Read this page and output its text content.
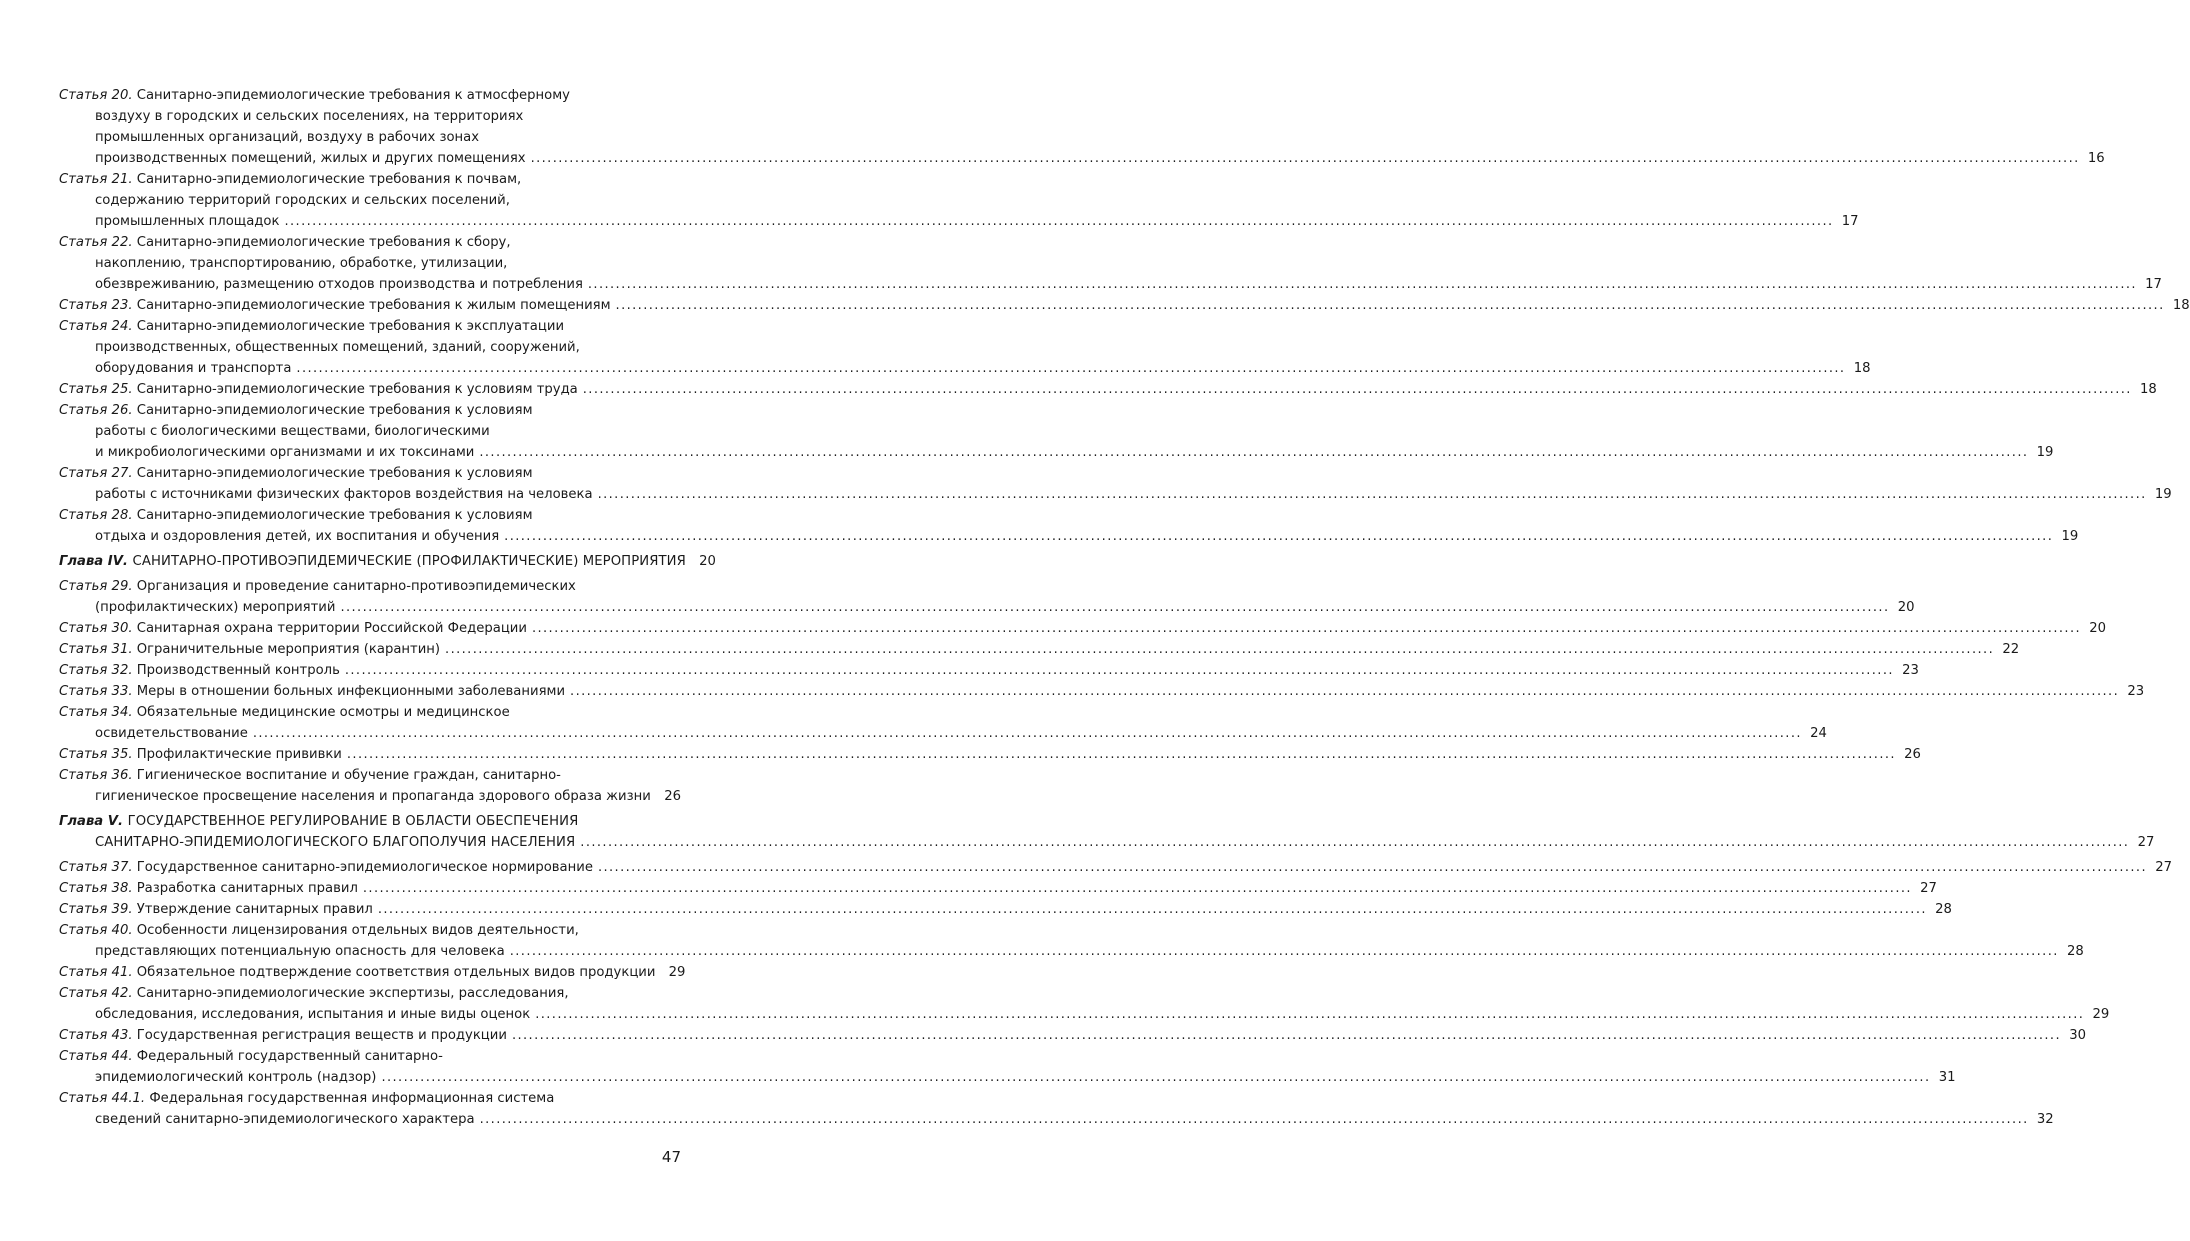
Статья 20 . Санитарно-эпидемиологические требования к атмосферному
воздуху в городских и сельских поселениях, на территориях
промышленных организаций, воздуху в рабочих зонах
производственных помещений, жилых и других помещениях .....	16
Статья 21 . Санитарно-эпидемиологические требования к почвам,
содержанию территорий городских и сельских поселений,
промышленных площадок .....	17
Статья 22 . Санитарно-эпидемиологические требования к сбору,
накоплению, транспортированию, обработке, утилизации,
обезвреживанию, размещению отходов производства и потребления .....	17
Статья 23 . Санитарно-эпидемиологические требования к жилым помещениям .....	18
Статья 24 . Санитарно-эпидемиологические требования к эксплуатации
производственных, общественных помещений, зданий, сооружений,
оборудования и транспорта .....	18
Статья 25 . Санитарно-эпидемиологические требования к условиям труда .....	18
Статья 26 . Санитарно-эпидемиологические требования к условиям
работы с биологическими веществами, биологическими
и микробиологическими организмами и их токсинами .....	19
Статья 27 . Санитарно-эпидемиологические требования к условиям
работы с источниками физических факторов воздействия на человека .....	19
Статья 28 . Санитарно-эпидемиологические требования к условиям
отдыха и оздоровления детей, их воспитания и обучения .....	19
Глава IV . САНИТАРНО-ПРОТИВОЭПИДЕМИЧЕСКИЕ (ПРОФИЛАКТИЧЕСКИЕ) МЕРОПРИЯТИЯ 20
Статья 29 . Организация и проведение санитарно-противоэпидемических
(профилактических) мероприятий .....	20
Статья 30 . Санитарная охрана территории Российской Федерации .....	20
Статья 31 . Ограничительные мероприятия (карантин) .....	22
Статья 32 . Производственный контроль .....	23
Статья 33 . Меры в отношении больных инфекционными заболеваниями .....	23
Статья 34 . Обязательные медицинские осмотры и медицинское
освидетельствование .....	24
Статья 35 . Профилактические прививки .....	26
Статья 36 . Гигиеническое воспитание и обучение граждан, санитарно-
гигиеническое просвещение населения и пропаганда здорового образа жизни ..... 26
Глава V . ГОСУДАРСТВЕННОЕ РЕГУЛИРОВАНИЕ В ОБЛАСТИ ОБЕСПЕЧЕНИЯ
САНИТАРНО-ЭПИДЕМИОЛОГИЧЕСКОГО БЛАГОПОЛУЧИЯ НАСЕЛЕНИЯ .....	27
Статья 37 . Государственное санитарно-эпидемиологическое нормирование .....	27
Статья 38 . Разработка санитарных правил .....	27
Статья 39 . Утверждение санитарных правил .....	28
Статья 40 . Особенности лицензирования отдельных видов деятельности,
представляющих потенциальную опасность для человека .....	28
Статья 41 . Обязательное подтверждение соответствия отдельных видов продукции 29
Статья 42 . Санитарно-эпидемиологические экспертизы, расследования,
обследования, исследования, испытания и иные виды оценок .....	29
Статья 43 . Государственная регистрация веществ и продукции .....	30
Статья 44 . Федеральный государственный санитарно-
эпидемиологический контроль (надзор) .....	31
Статья 44.1 . Федеральная государственная информационная система
сведений санитарно-эпидемиологического характера .....	32
47
